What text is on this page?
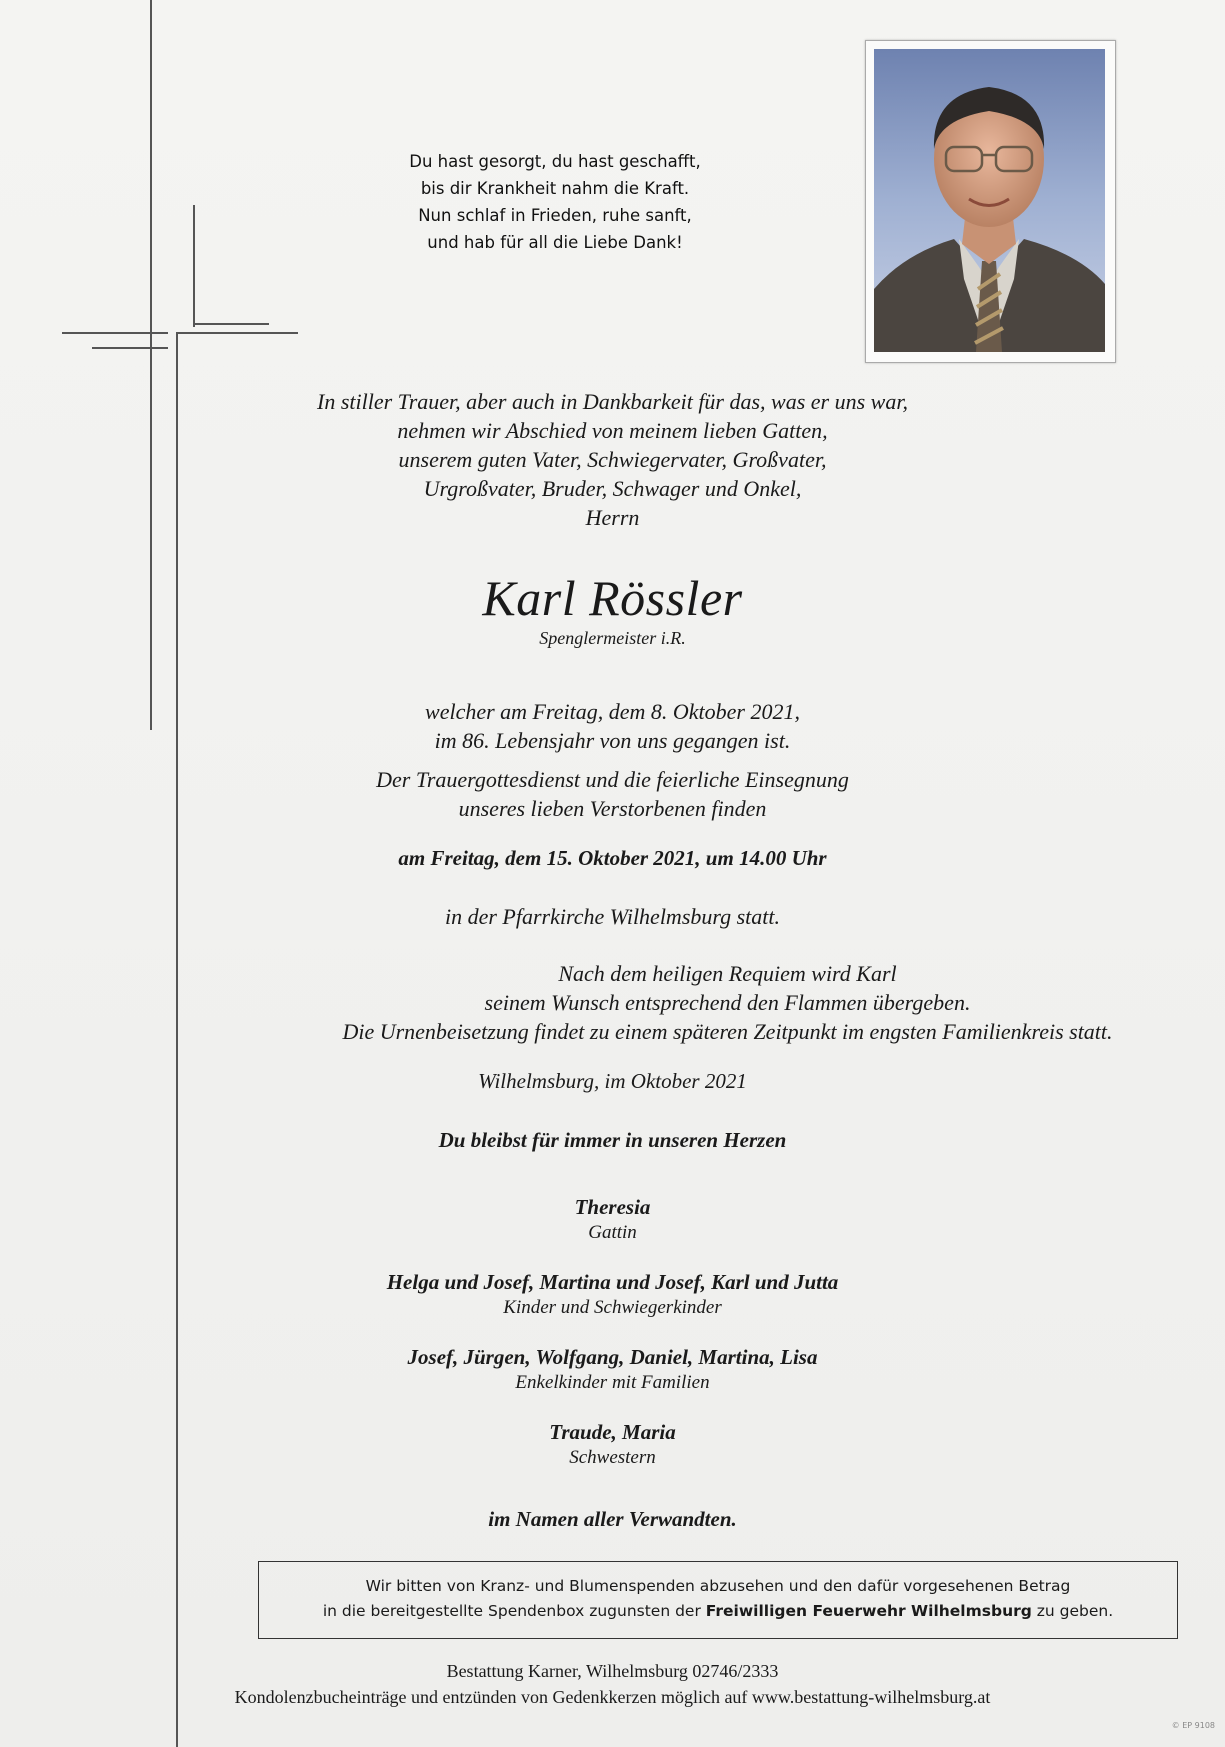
Du hast gesorgt, du hast geschafft,
bis dir Krankheit nahm die Kraft.
Nun schlaf in Frieden, ruhe sanft,
und hab für all die Liebe Dank!
In stiller Trauer, aber auch in Dankbarkeit für das, was er uns war,
nehmen wir Abschied von meinem lieben Gatten,
unserem guten Vater, Schwiegervater, Großvater,
Urgroßvater, Bruder, Schwager und Onkel,
Herrn
Karl Rössler
Spenglermeister i.R.
welcher am Freitag, dem 8. Oktober 2021,
im 86. Lebensjahr von uns gegangen ist.
Der Trauergottesdienst und die feierliche Einsegnung
unseres lieben Verstorbenen finden
am Freitag, dem 15. Oktober 2021, um 14.00 Uhr
in der Pfarrkirche Wilhelmsburg statt.
Nach dem heiligen Requiem wird Karl
seinem Wunsch entsprechend den Flammen übergeben.
Die Urnenbeisetzung findet zu einem späteren Zeitpunkt im engsten Familienkreis statt.
Wilhelmsburg, im Oktober 2021
Du bleibst für immer in unseren Herzen
Theresia
Gattin
Helga und Josef, Martina und Josef, Karl und Jutta
Kinder und Schwiegerkinder
Josef, Jürgen, Wolfgang, Daniel, Martina, Lisa
Enkelkinder mit Familien
Traude, Maria
Schwestern
im Namen aller Verwandten.
Wir bitten von Kranz- und Blumenspenden abzusehen und den dafür vorgesehenen Betrag
in die bereitgestellte Spendenbox zugunsten der Freiwilligen Feuerwehr Wilhelmsburg zu geben.
Bestattung Karner, Wilhelmsburg 02746/2333
Kondolenzbucheinträge und entzünden von Gedenkkerzen möglich auf www.bestattung-wilhelmsburg.at
© EP 9108
